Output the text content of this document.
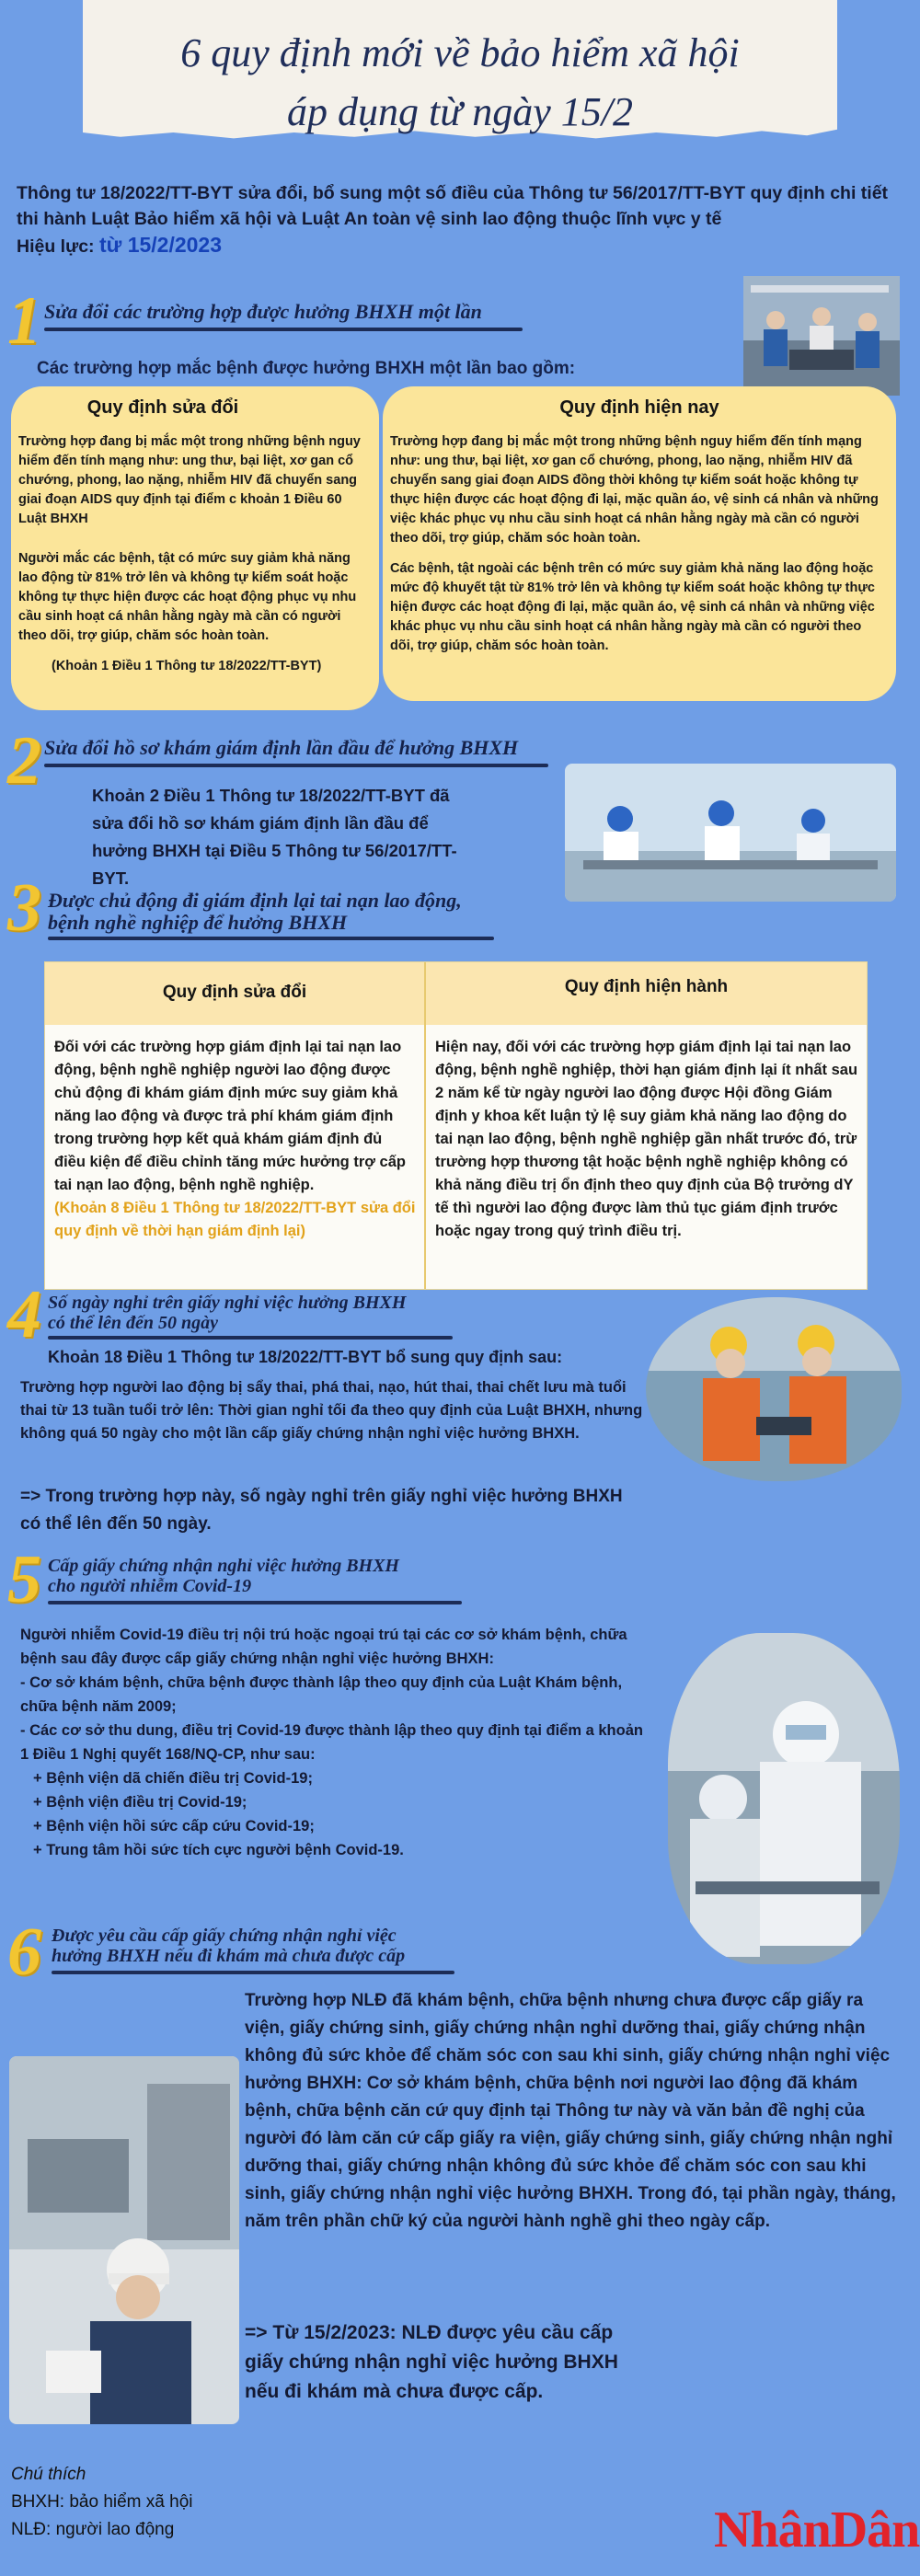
6 quy định mới về bảo hiểm xã hội
áp dụng từ ngày 15/2
Thông tư 18/2022/TT-BYT sửa đổi, bổ sung một số điều của Thông tư 56/2017/TT-BYT quy định chi tiết thi hành Luật Bảo hiểm xã hội và Luật An toàn vệ sinh lao động thuộc lĩnh vực y tế
Hiệu lực: từ 15/2/2023
1 Sửa đổi các trường hợp được hưởng BHXH một lần
Các trường hợp mắc bệnh được hưởng BHXH một lần bao gồm:
Quy định sửa đổi

Trường hợp đang bị mắc một trong những bệnh nguy hiểm đến tính mạng như: ung thư, bại liệt, xơ gan cổ chướng, phong, lao nặng, nhiễm HIV đã chuyển sang giai đoạn AIDS quy định tại điểm c khoản 1 Điều 60 Luật BHXH

Người mắc các bệnh, tật có mức suy giảm khả năng lao động từ 81% trở lên và không tự kiểm soát hoặc không tự thực hiện được các hoạt động phục vụ nhu cầu sinh hoạt cá nhân hằng ngày mà cần có người theo dõi, trợ giúp, chăm sóc hoàn toàn.

(Khoản 1 Điều 1 Thông tư 18/2022/TT-BYT)

Quy định hiện nay

Trường hợp đang bị mắc một trong những bệnh nguy hiểm đến tính mạng như: ung thư, bại liệt, xơ gan cổ chướng, phong, lao nặng, nhiễm HIV đã chuyển sang giai đoạn AIDS đồng thời không tự kiểm soát hoặc không tự thực hiện được các hoạt động đi lại, mặc quần áo, vệ sinh cá nhân và những việc khác phục vụ nhu cầu sinh hoạt cá nhân hằng ngày mà cần có người theo dõi, trợ giúp, chăm sóc hoàn toàn.

Các bệnh, tật ngoài các bệnh trên có mức suy giảm khả năng lao động hoặc mức độ khuyết tật từ 81% trở lên và không tự kiểm soát hoặc không tự thực hiện được các hoạt động đi lại, mặc quần áo, vệ sinh cá nhân và những việc khác phục vụ nhu cầu sinh hoạt cá nhân hằng ngày mà cần có người theo dõi, trợ giúp, chăm sóc hoàn toàn.

2 Sửa đổi hồ sơ khám giám định lần đầu để hưởng BHXH
Khoản 2 Điều 1 Thông tư 18/2022/TT-BYT đã sửa đổi hồ sơ khám giám định lần đầu để hưởng BHXH tại Điều 5 Thông tư 56/2017/TT-BYT.
3 Được chủ động đi giám định lại tai nạn lao động,
bệnh nghề nghiệp để hưởng BHXH
Quy định sửa đổi	Quy định hiện hành

Đối với các trường hợp giám định lại tai nạn lao động, bệnh nghề nghiệp người lao động được chủ động đi khám giám định mức suy giảm khả năng lao động và được trả phí khám giám định trong trường hợp kết quả khám giám định đủ điều kiện để điều chỉnh tăng mức hưởng trợ cấp tai nạn lao động, bệnh nghề nghiệp.

(Khoản 8 Điều 1 Thông tư 18/2022/TT-BYT sửa đổi quy định về thời hạn giám định lại)

Hiện nay, đối với các trường hợp giám định lại tai nạn lao động, bệnh nghề nghiệp, thời hạn giám định lại ít nhất sau 2 năm kể từ ngày người lao động được Hội đồng Giám định y khoa kết luận tỷ lệ suy giảm khả năng lao động do tai nạn lao động, bệnh nghề nghiệp gần nhất trước đó, trừ trường hợp thương tật hoặc bệnh nghề nghiệp không có khả năng điều trị ổn định theo quy định của Bộ trưởng dY tế thì người lao động được làm thủ tục giám định trước hoặc ngay trong quý trình điều trị.
4 Số ngày nghỉ trên giấy nghỉ việc hưởng BHXH
có thể lên đến 50 ngày
Khoản 18 Điều 1 Thông tư 18/2022/TT-BYT bổ sung quy định sau:
Trường hợp người lao động bị sẩy thai, phá thai, nạo, hút thai, thai chết lưu mà tuổi thai từ 13 tuần tuổi trở lên: Thời gian nghỉ tối đa theo quy định của Luật BHXH, nhưng không quá 50 ngày cho một lần cấp giấy chứng nhận nghỉ việc hưởng BHXH.
=> Trong trường hợp này, số ngày nghỉ trên giấy nghỉ việc hưởng BHXH có thể lên đến 50 ngày.
5 Cấp giấy chứng nhận nghỉ việc hưởng BHXH
cho người nhiễm Covid-19

Người nhiễm Covid-19 điều trị nội trú hoặc ngoại trú tại các cơ sở khám bệnh, chữa bệnh sau đây được cấp giấy chứng nhận nghỉ việc hưởng BHXH:

- Cơ sở khám bệnh, chữa bệnh được thành lập theo quy định của Luật Khám bệnh, chữa bệnh năm 2009;

- Các cơ sở thu dung, điều trị Covid-19 được thành lập theo quy định tại điểm a khoản 1 Điều 1 Nghị quyết 168/NQ-CP, như sau:

+ Bệnh viện dã chiến điều trị Covid-19;

+ Bệnh viện điều trị Covid-19;

+ Bệnh viện hồi sức cấp cứu Covid-19;

+ Trung tâm hồi sức tích cực người bệnh Covid-19.

6 Được yêu cầu cấp giấy chứng nhận nghỉ việc
hưởng BHXH nếu đi khám mà chưa được cấp
Trường hợp NLĐ đã khám bệnh, chữa bệnh nhưng chưa được cấp giấy ra viện, giấy chứng sinh, giấy chứng nhận nghỉ dưỡng thai, giấy chứng nhận không đủ sức khỏe để chăm sóc con sau khi sinh, giấy chứng nhận nghỉ việc hưởng BHXH: Cơ sở khám bệnh, chữa bệnh nơi người lao động đã khám bệnh, chữa bệnh căn cứ quy định tại Thông tư này và văn bản đề nghị của người đó làm căn cứ cấp giấy ra viện, giấy chứng sinh, giấy chứng nhận nghỉ dưỡng thai, giấy chứng nhận không đủ sức khỏe để chăm sóc con sau khi sinh, giấy chứng nhận nghỉ việc hưởng BHXH. Trong đó, tại phần ngày, tháng, năm trên phần chữ ký của người hành nghề ghi theo ngày cấp.
=> Từ 15/2/2023: NLĐ được yêu cầu cấp giấy chứng nhận nghỉ việc hưởng BHXH nếu đi khám mà chưa được cấp.
Chú thích
BHXH: bảo hiểm xã hội
NLĐ: người lao động	NhânDân
